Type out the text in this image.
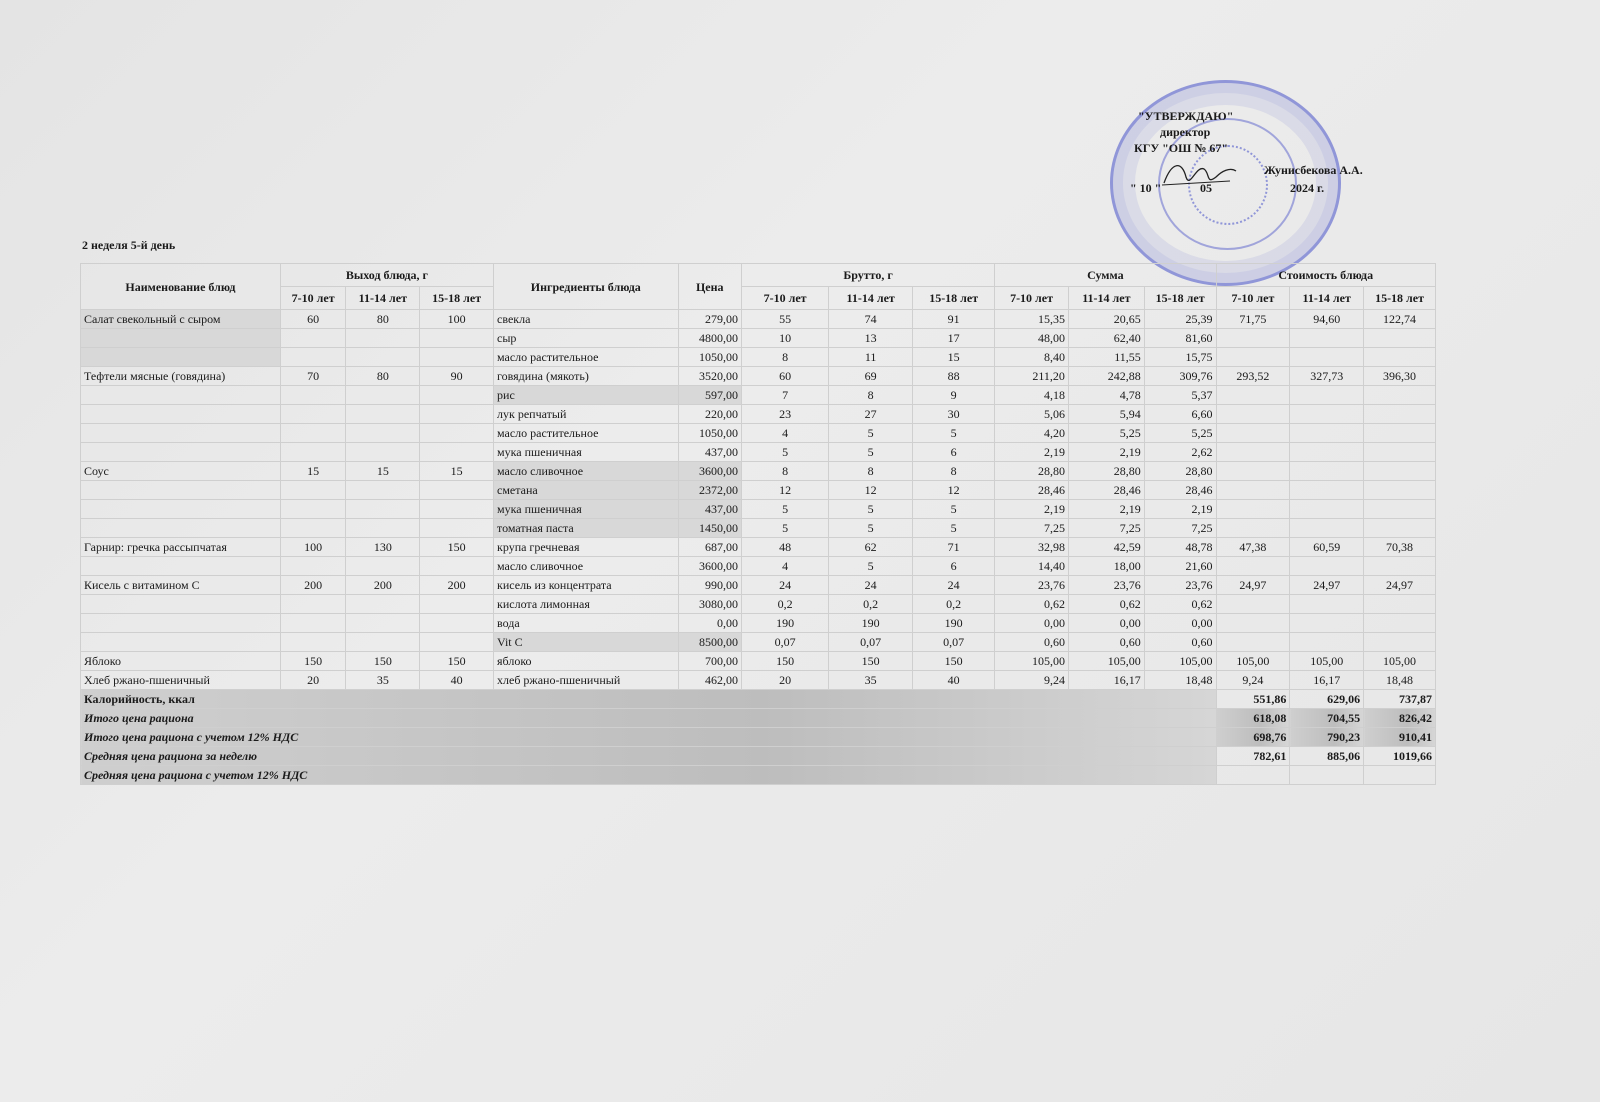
"УТВЕРЖДАЮ"
директор
КГУ "ОШ № 67"
Жунисбекова А.А.
" 10 "	05	2024 г.
2 неделя 5-й день
Наименование блюд	Выход блюда, г			Ингредиенты блюда	Цена	Брутто, г			Сумма			Стоимость блюда		
	7-10 лет	11-14 лет	15-18 лет			7-10 лет	11-14 лет	15-18 лет	7-10 лет	11-14 лет	15-18 лет	7-10 лет	11-14 лет	15-18 лет
Салат свекольный с сыром	60	80	100	свекла	279,00	55	74	91	15,35	20,65	25,39	71,75	94,60	122,74
				сыр	4800,00	10	13	17	48,00	62,40	81,60			
				масло растительное	1050,00	8	11	15	8,40	11,55	15,75			
Тефтели мясные (говядина)	70	80	90	говядина (мякоть)	3520,00	60	69	88	211,20	242,88	309,76	293,52	327,73	396,30
				рис	597,00	7	8	9	4,18	4,78	5,37			
				лук репчатый	220,00	23	27	30	5,06	5,94	6,60			
				масло растительное	1050,00	4	5	5	4,20	5,25	5,25			
				мука пшеничная	437,00	5	5	6	2,19	2,19	2,62			
Соус	15	15	15	масло сливочное	3600,00	8	8	8	28,80	28,80	28,80			
				сметана	2372,00	12	12	12	28,46	28,46	28,46			
				мука пшеничная	437,00	5	5	5	2,19	2,19	2,19			
				томатная паста	1450,00	5	5	5	7,25	7,25	7,25			
Гарнир: гречка рассыпчатая	100	130	150	крупа гречневая	687,00	48	62	71	32,98	42,59	48,78	47,38	60,59	70,38
				масло сливочное	3600,00	4	5	6	14,40	18,00	21,60			
Кисель с витамином С	200	200	200	кисель из концентрата	990,00	24	24	24	23,76	23,76	23,76	24,97	24,97	24,97
				кислота лимонная	3080,00	0,2	0,2	0,2	0,62	0,62	0,62			
				вода	0,00	190	190	190	0,00	0,00	0,00			
				Vit C	8500,00	0,07	0,07	0,07	0,60	0,60	0,60			
Яблоко	150	150	150	яблоко	700,00	150	150	150	105,00	105,00	105,00	105,00	105,00	105,00
Хлеб ржано-пшеничный	20	35	40	хлеб ржано-пшеничный	462,00	20	35	40	9,24	16,17	18,48	9,24	16,17	18,48
Калорийность, ккал												551,86	629,06	737,87
Итого цена рациона												618,08	704,55	826,42
Итого цена рациона с учетом 12% НДС												698,76	790,23	910,41
Средняя цена рациона за неделю												782,61	885,06	1019,66
Средняя цена рациона с учетом 12% НДС														
